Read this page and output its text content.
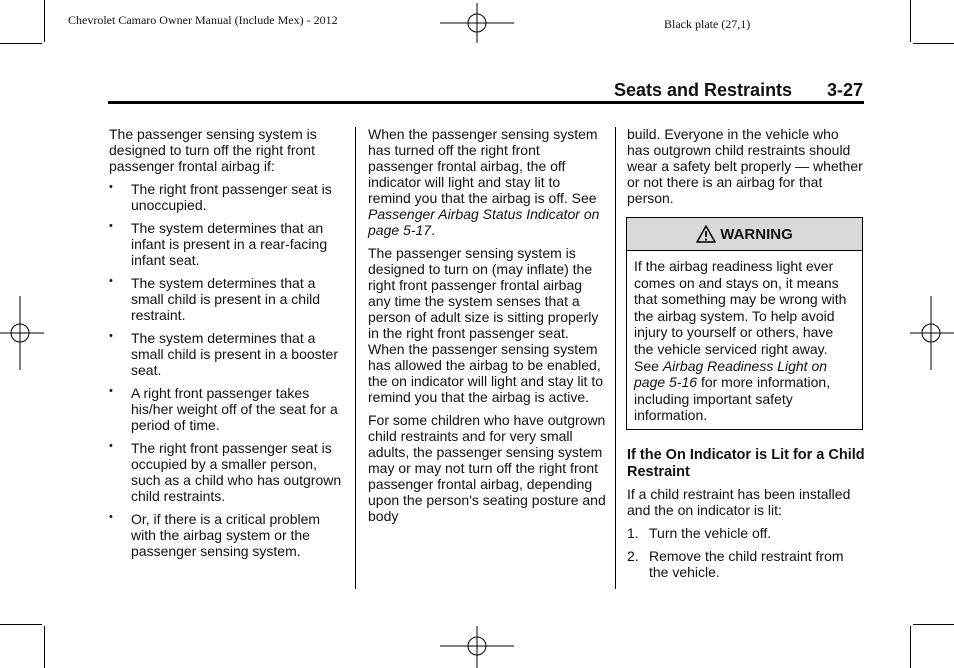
Chevrolet Camaro Owner Manual (Include Mex) - 2012	Black plate (27,1)
Seats and Restraints 3-27

The passenger sensing system is designed to turn off the right front passenger frontal airbag if:

• The right front passenger seat is unoccupied.
• The system determines that an infant is present in a rear-facing infant seat.
• The system determines that a small child is present in a child restraint.
• The system determines that a small child is present in a booster seat.
• A right front passenger takes his/her weight off of the seat for a period of time.
• The right front passenger seat is occupied by a smaller person, such as a child who has outgrown child restraints.
• Or, if there is a critical problem with the airbag system or the passenger sensing system.

When the passenger sensing system has turned off the right front passenger frontal airbag, the off indicator will light and stay lit to remind you that the airbag is off. See Passenger Airbag Status Indicator on page 5-17.

The passenger sensing system is designed to turn on (may inflate) the right front passenger frontal airbag any time the system senses that a person of adult size is sitting properly in the right front passenger seat. When the passenger sensing system has allowed the airbag to be enabled, the on indicator will light and stay lit to remind you that the airbag is active.

For some children who have outgrown child restraints and for very small adults, the passenger sensing system may or may not turn off the right front passenger frontal airbag, depending upon the person's seating posture and body

build. Everyone in the vehicle who has outgrown child restraints should wear a safety belt properly — whether or not there is an airbag for that person.

WARNING
If the airbag readiness light ever comes on and stays on, it means that something may be wrong with the airbag system. To help avoid injury to yourself or others, have the vehicle serviced right away. See Airbag Readiness Light on page 5-16 for more information, including important safety information.
If the On Indicator is Lit for a Child Restraint

If a child restraint has been installed and the on indicator is lit:

1. Turn the vehicle off.
2. Remove the child restraint from the vehicle.
